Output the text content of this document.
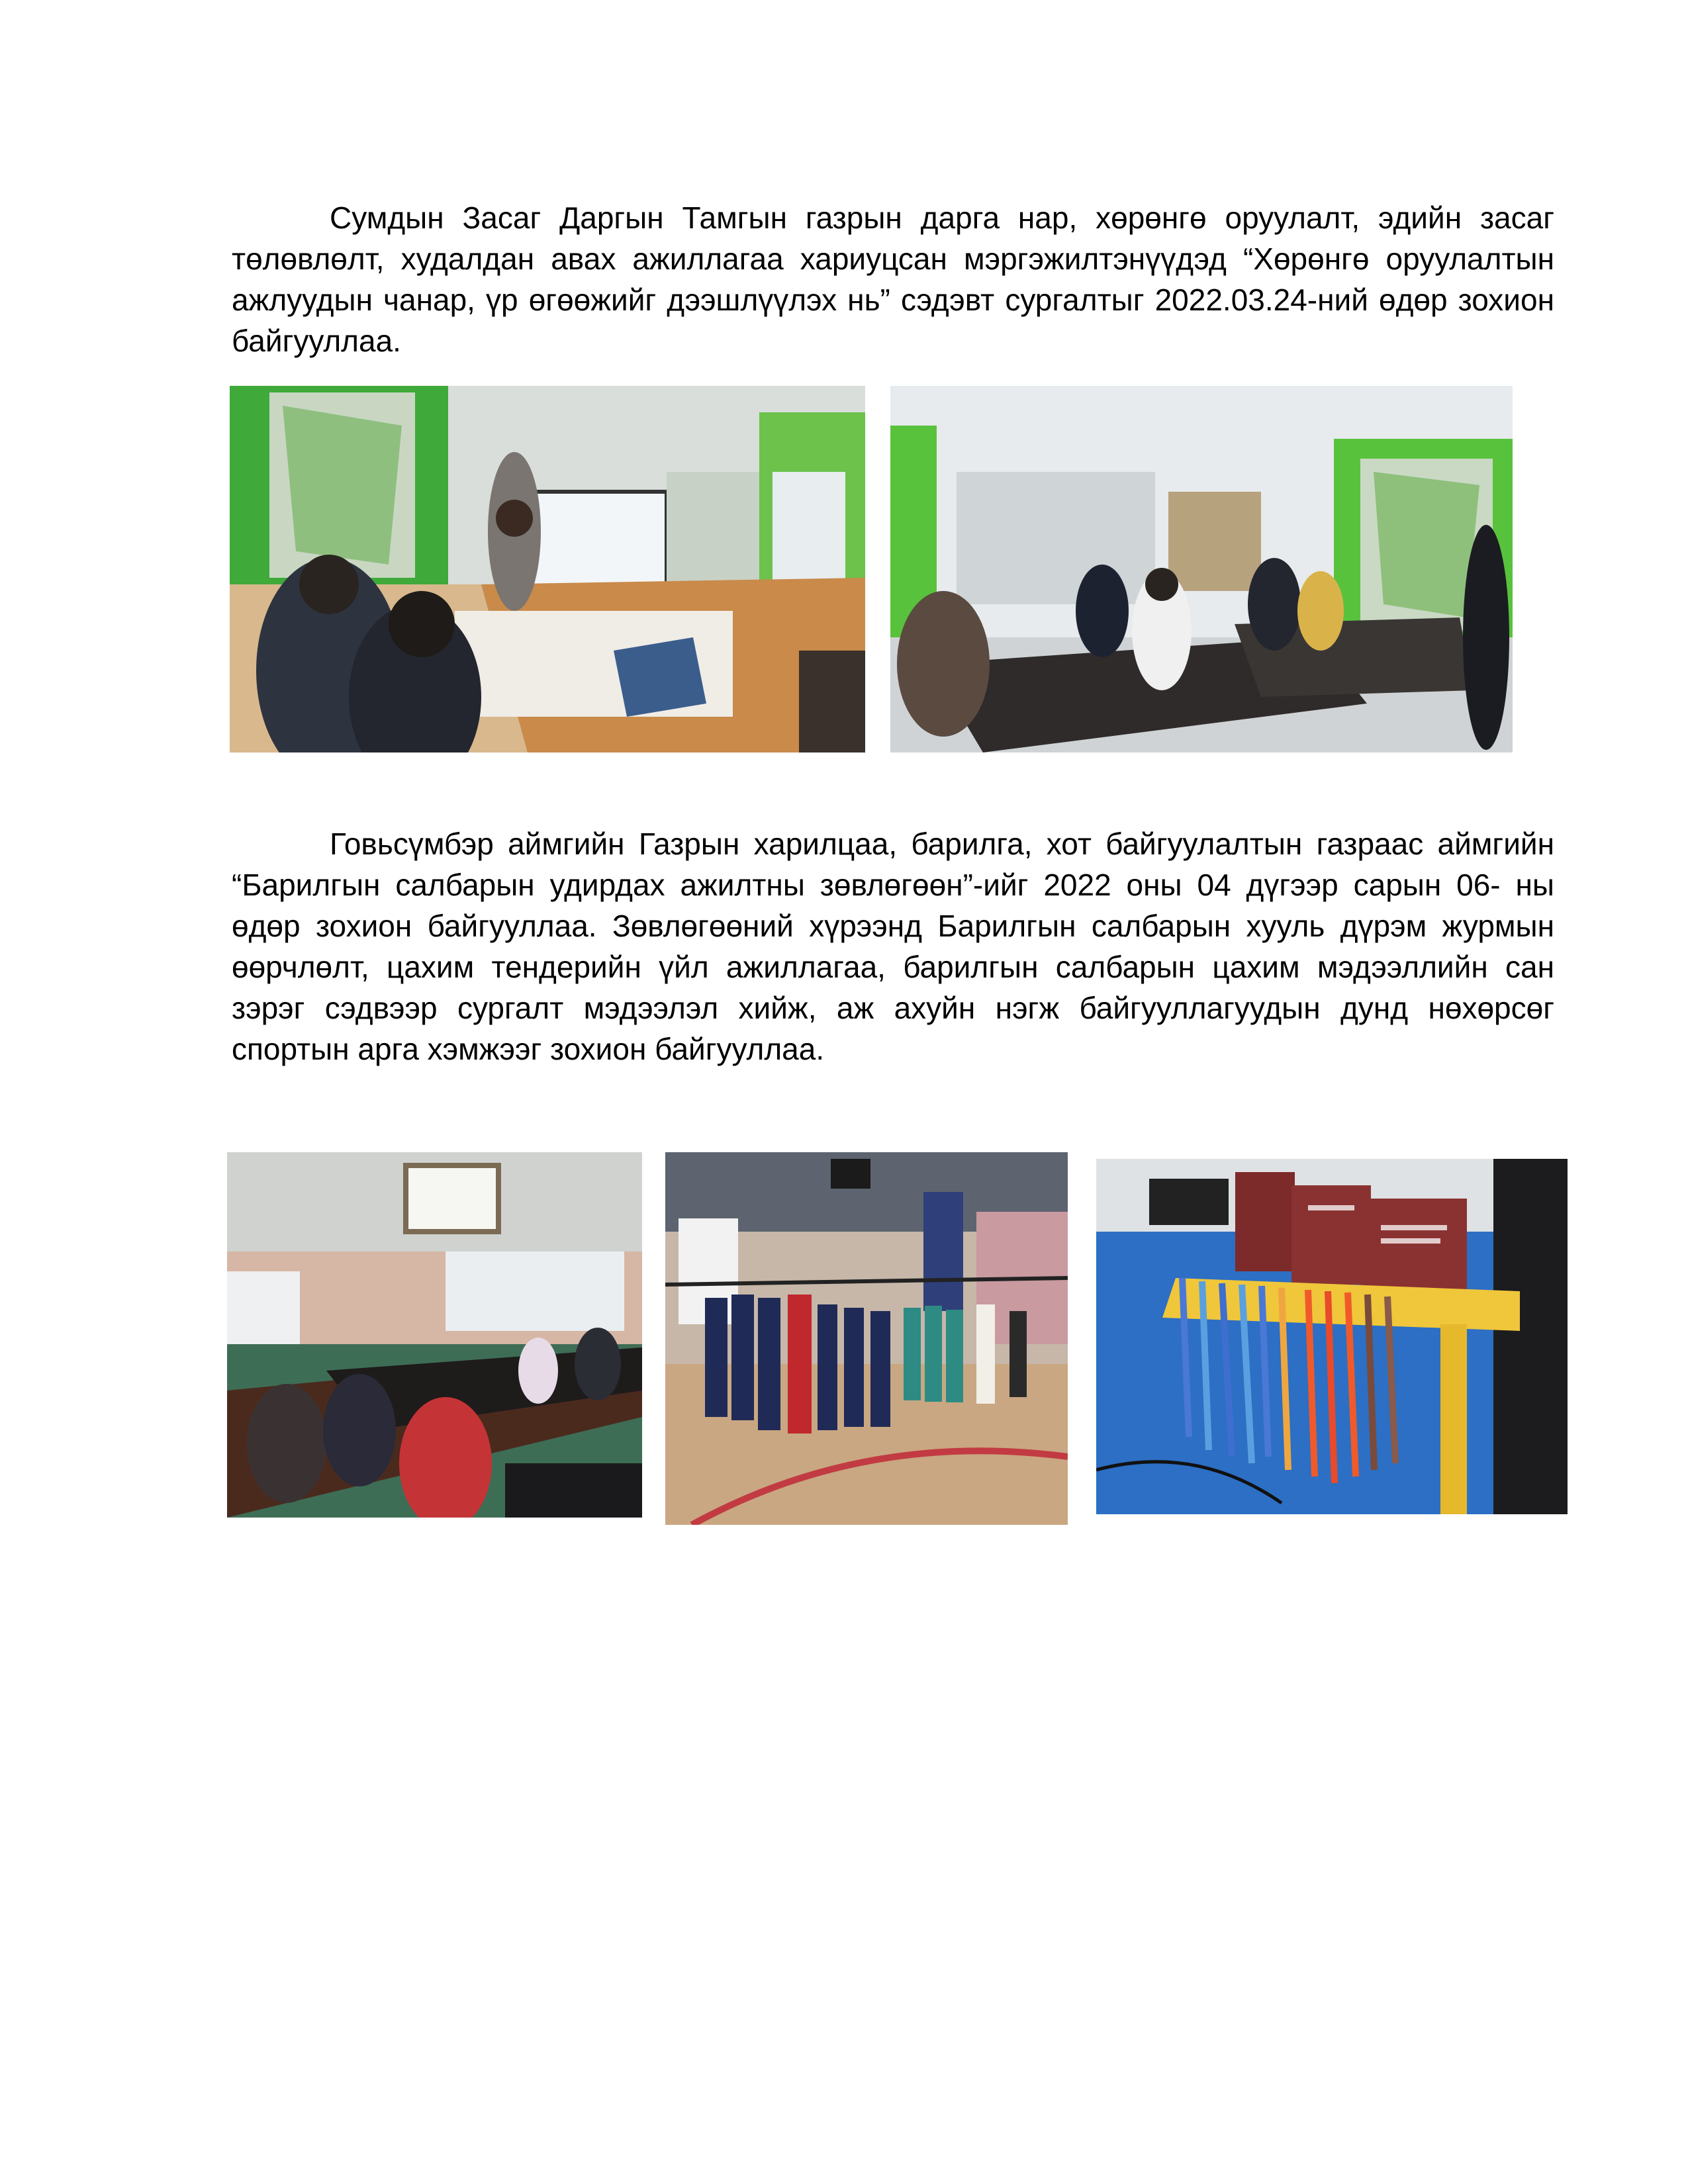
Сумдын Засаг Даргын Тамгын газрын дарга нар, хөрөнгө оруулалт, эдийн засаг төлөвлөлт, худалдан авах ажиллагаа хариуцсан мэргэжилтэнүүдэд “Хөрөнгө оруулалтын ажлуудын чанар, үр өгөөжийг дээшлүүлэх нь” сэдэвт сургалтыг 2022.03.24-ний өдөр зохион байгууллаа.

Говьсүмбэр аймгийн Газрын харилцаа, барилга, хот байгуулалтын газраас аймгийн “Барилгын салбарын удирдах ажилтны зөвлөгөөн”-ийг 2022 оны 04 дүгээр сарын 06- ны өдөр зохион байгууллаа. Зөвлөгөөний хүрээнд Барилгын салбарын хууль дүрэм журмын өөрчлөлт, цахим тендерийн үйл ажиллагаа, барилгын салбарын цахим мэдээллийн сан зэрэг сэдвээр сургалт мэдээлэл хийж, аж ахуйн нэгж байгууллагуудын дунд нөхөрсөг спортын арга хэмжээг зохион байгууллаа.
